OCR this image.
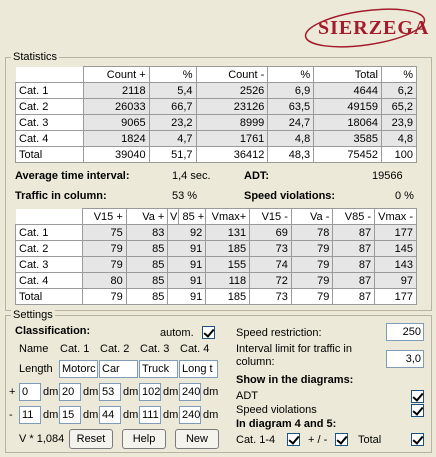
SIERZEGA
Statistics
	Count +	%	Count -	%	Total	%
Cat. 1	2118	5,4	2526	6,9	4644	6,2
Cat. 2	26033	66,7	23126	63,5	49159	65,2
Cat. 3	9065	23,2	8999	24,7	18064	23,9
Cat. 4	1824	4,7	1761	4,8	3585	4,8
Total	39040	51,7	36412	48,3	75452	100
Average time interval:	1,4 sec.	ADT:	19566
Traffic in column:	53 %	Speed violations:	0 %
	V15 +	Va +	V	85 +	Vmax+	V15 -	Va -	V85 -	Vmax -
Cat. 1	75	83	92		131	69	78	87	177
Cat. 2	79	85	91		185	73	79	87	145
Cat. 3	79	85	91		155	74	79	87	143
Cat. 4	80	85	91		118	72	79	87	97
Total	79	85	91		185	73	79	87	177
Settings
Classification:	autom.
Name Cat. 1 Cat. 2 Cat. 3 Cat. 4
Length Motorc Car	Truck	Long t
+ 0	dm 20 dm 53 dm 102 dm 240 dm
- 11 dm 15 dm 44 dm 111 dm 240 dm
V * 1,084	Reset	Help	New
Speed restriction:	250
Interval limit for traffic in
column:	3,0
Show in the diagrams:
ADT
Speed violations
In diagram 4 and 5:
Cat. 1-4	+ / -	Total
